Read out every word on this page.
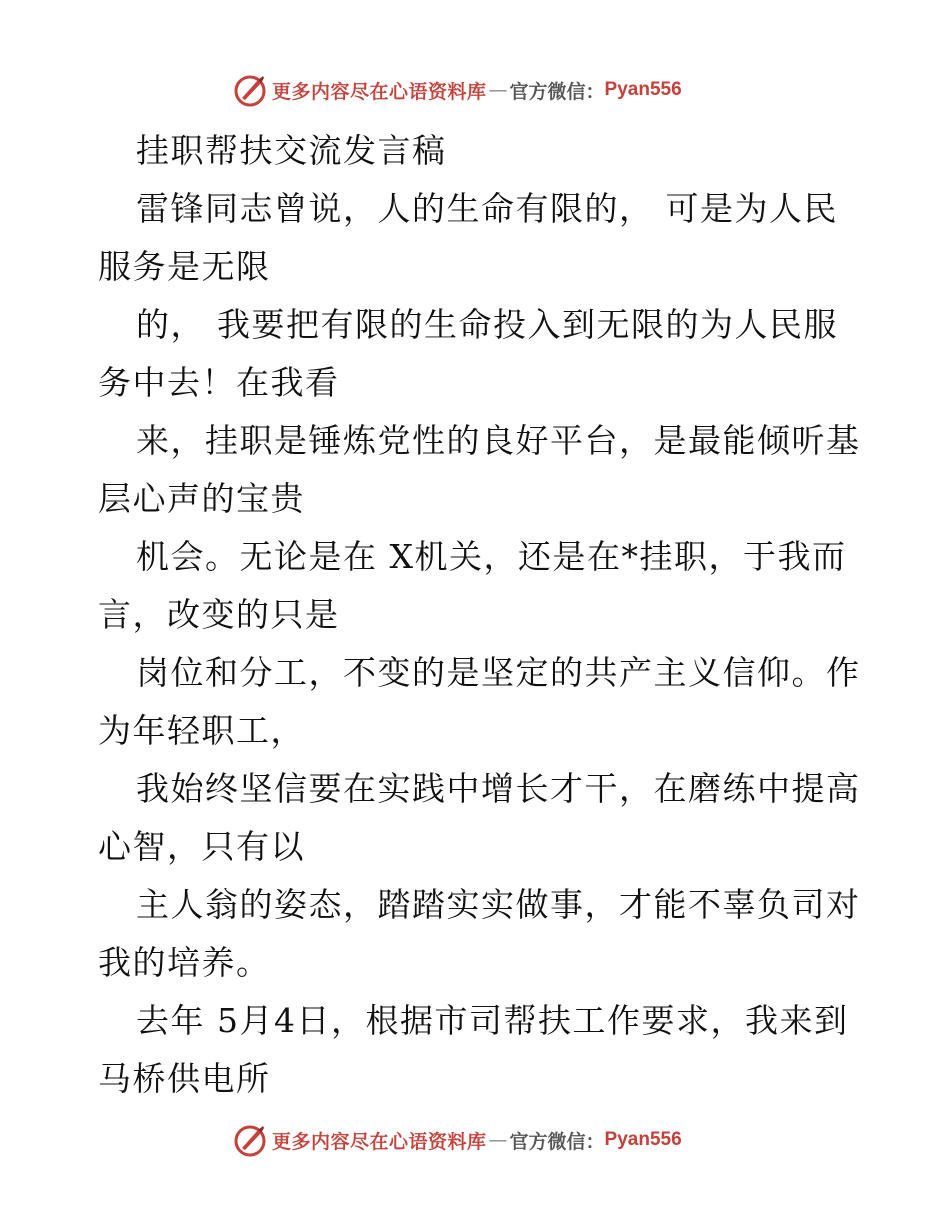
更多内容尽在心语资料库 — 官方微信： Pyan556
挂职帮扶交流发言稿
雷锋同志曾说，人的生命有限的， 可是为人民
服务是无限
的， 我要把有限的生命投入到无限的为人民服
务中去！在我看
来，挂职是锤炼党性的良好平台，是最能倾听基
层心声的宝贵
机会。无论是在 X机关，还是在*挂职，于我而
言，改变的只是
岗位和分工，不变的是坚定的共产主义信仰。作
为年轻职工，
我始终坚信要在实践中增长才干，在磨练中提高
心智，只有以
主人翁的姿态，踏踏实实做事，才能不辜负司对
我的培养。
去年 5月4日，根据市司帮扶工作要求，我来到
马桥供电所
更多内容尽在心语资料库 — 官方微信： Pyan556
